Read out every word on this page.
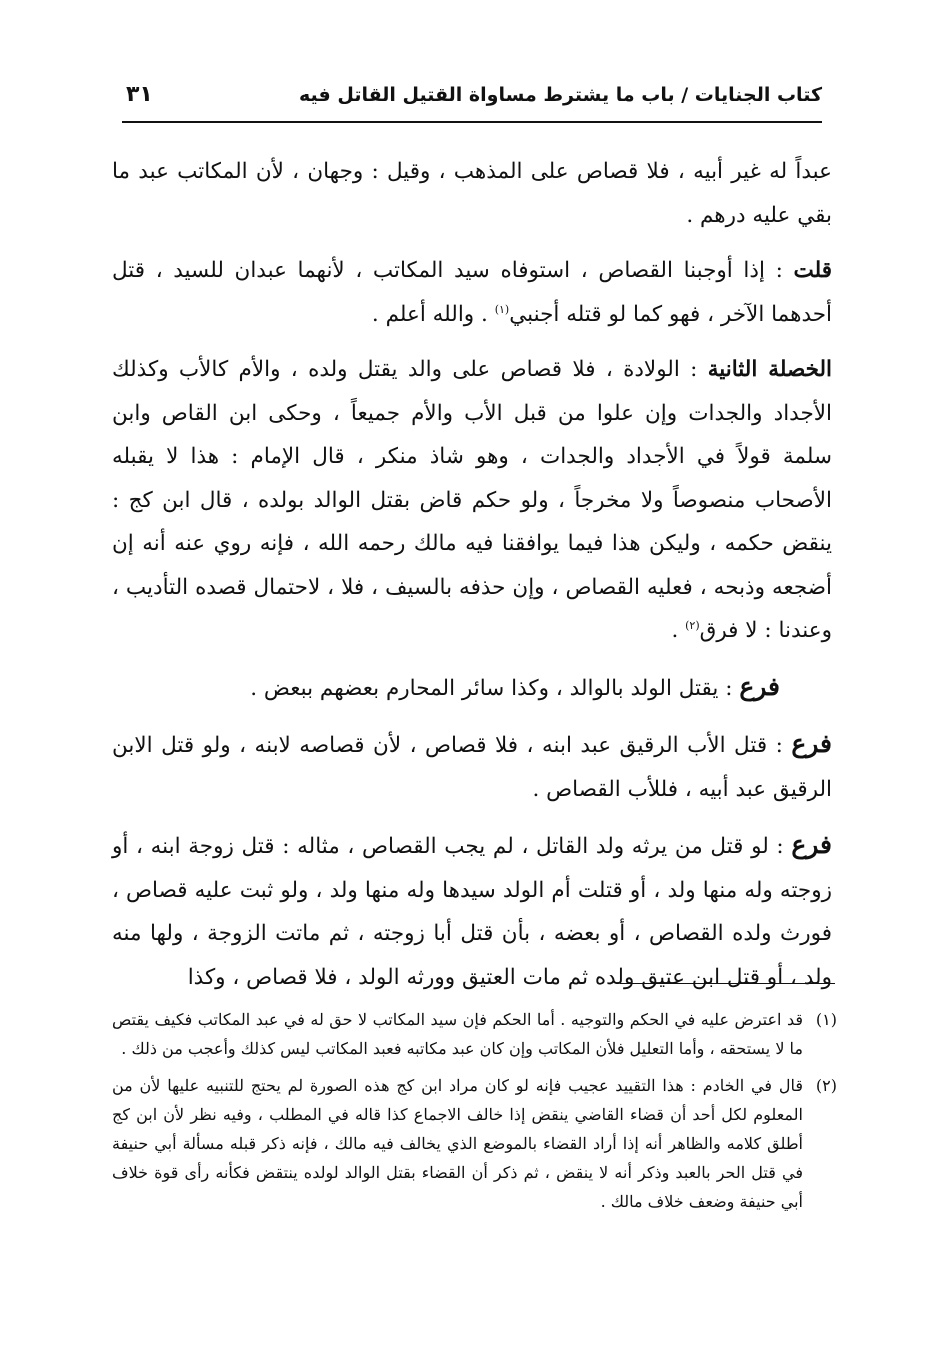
كتاب الجنايات / باب ما يشترط مساواة القتيل القاتل فيه
٣١

عبداً له غير أبيه ، فلا قصاص على المذهب ، وقيل : وجهان ، لأن المكاتب عبد ما بقي عليه درهم .

قلت : إذا أوجبنا القصاص ، استوفاه سيد المكاتب ، لأنهما عبدان للسيد ، قتل أحدهما الآخر ، فهو كما لو قتله أجنبي$^{(١)}$ . والله أعلم .

الخصلة الثانية : الولادة ، فلا قصاص على والد يقتل ولده ، والأم كالأب وكذلك الأجداد والجدات وإن علوا من قبل الأب والأم جميعاً ، وحكى ابن القاص وابن سلمة قولاً في الأجداد والجدات ، وهو شاذ منكر ، قال الإمام : هذا لا يقبله الأصحاب منصوصاً ولا مخرجاً ، ولو حكم قاض بقتل الوالد بولده ، قال ابن كج : ينقض حكمه ، وليكن هذا فيما يوافقنا فيه مالك رحمه الله ، فإنه روي عنه أنه إن أضجعه وذبحه ، فعليه القصاص ، وإن حذفه بالسيف ، فلا ، لاحتمال قصده التأديب ، وعندنا : لا فرق$^{(٢)}$ .

فرع : يقتل الولد بالوالد ، وكذا سائر المحارم بعضهم ببعض .

فرع : قتل الأب الرقيق عبد ابنه ، فلا قصاص ، لأن قصاصه لابنه ، ولو قتل الابن الرقيق عبد أبيه ، فللأب القصاص .

فرع : لو قتل من يرثه ولد القاتل ، لم يجب القصاص ، مثاله : قتل زوجة ابنه ، أو زوجته وله منها ولد ، أو قتلت أم الولد سيدها وله منها ولد ، ولو ثبت عليه قصاص ، فورث ولده القصاص ، أو بعضه ، بأن قتل أبا زوجته ، ثم ماتت الزوجة ، ولها منه ولد ، أو قتل ابن عتيق ولده ثم مات العتيق وورثه الولد ، فلا قصاص ، وكذا

(١)
قد اعترض عليه في الحكم والتوجيه . أما الحكم فإن سيد المكاتب لا حق له في عبد المكاتب فكيف يقتص ما لا يستحقه ، وأما التعليل فلأن المكاتب وإن كان عبد مكاتبه فعبد المكاتب ليس كذلك وأعجب من ذلك .
(٢)
قال في الخادم : هذا التقييد عجيب فإنه لو كان مراد ابن كج هذه الصورة لم يحتج للتنبيه عليها لأن من المعلوم لكل أحد أن قضاء القاضي ينقض إذا خالف الاجماع كذا قاله في المطلب ، وفيه نظر لأن ابن كج أطلق كلامه والظاهر أنه إذا أراد القضاء بالموضع الذي يخالف فيه مالك ، فإنه ذكر قبله مسألة أبي حنيفة في قتل الحر بالعبد وذكر أنه لا ينقض ، ثم ذكر أن القضاء بقتل الوالد لولده ينتقض فكأنه رأى قوة خلاف أبي حنيفة وضعف خلاف مالك .
